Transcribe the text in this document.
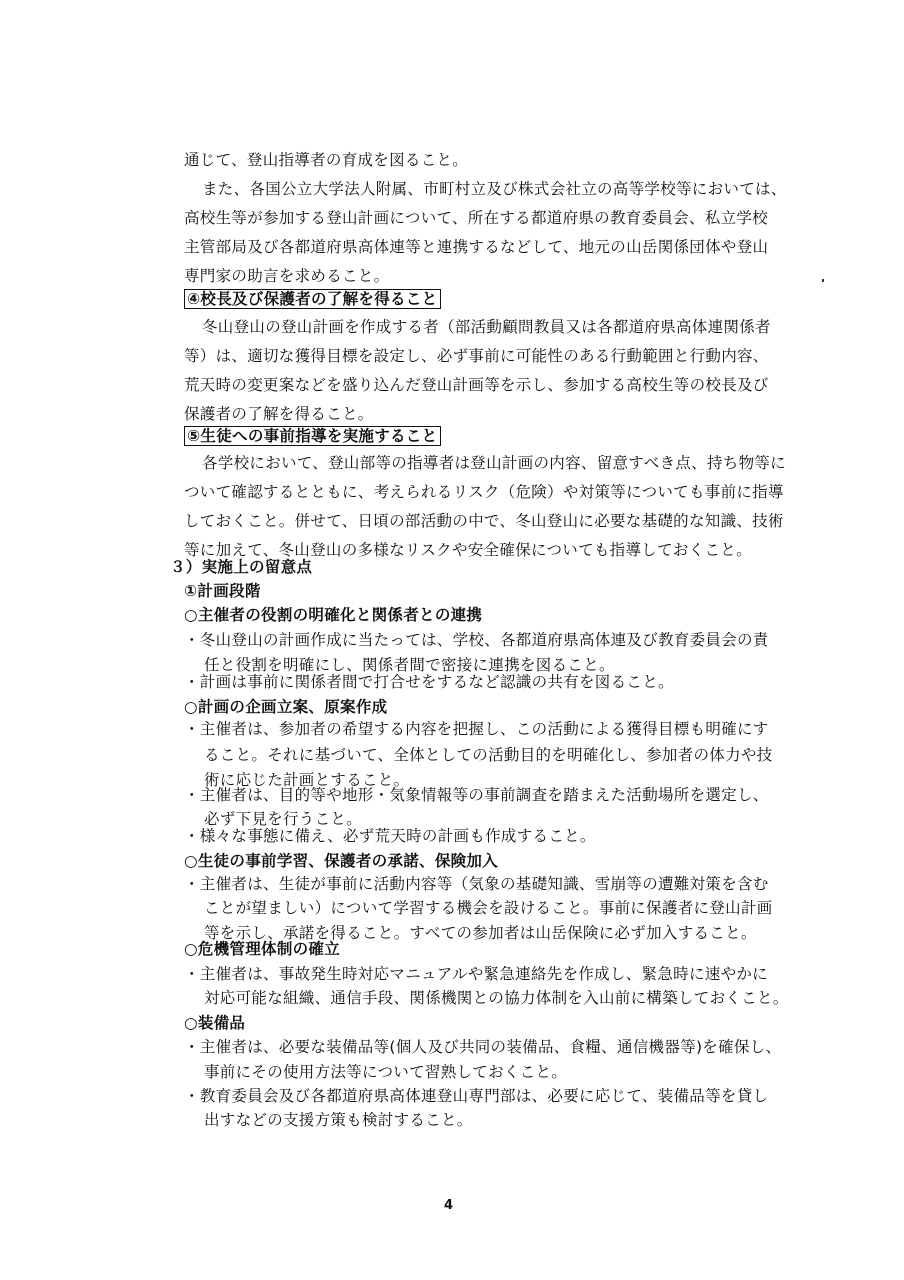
通じて、登山指導者の育成を図ること。
また、各国公立大学法人附属、市町村立及び株式会社立の高等学校等においては、
高校生等が参加する登山計画について、所在する都道府県の教育委員会、私立学校
主管部局及び各都道府県高体連等と連携するなどして、地元の山岳関係団体や登山
専門家の助言を求めること。
④校長及び保護者の了解を得ること
冬山登山の登山計画を作成する者（部活動顧問教員又は各都道府県高体連関係者
等）は、適切な獲得目標を設定し、必ず事前に可能性のある行動範囲と行動内容、
荒天時の変更案などを盛り込んだ登山計画等を示し、参加する高校生等の校長及び
保護者の了解を得ること。
⑤生徒への事前指導を実施すること
各学校において、登山部等の指導者は登山計画の内容、留意すべき点、持ち物等に
ついて確認するとともに、考えられるリスク（危険）や対策等についても事前に指導
しておくこと。併せて、日頃の部活動の中で、冬山登山に必要な基礎的な知識、技術
等に加えて、冬山登山の多様なリスクや安全確保についても指導しておくこと。
３）実施上の留意点
①計画段階
○主催者の役割の明確化と関係者との連携
・冬山登山の計画作成に当たっては、学校、各都道府県高体連及び教育委員会の責
任と役割を明確にし、関係者間で密接に連携を図ること。
・計画は事前に関係者間で打合せをするなど認識の共有を図ること。
○計画の企画立案、原案作成
・主催者は、参加者の希望する内容を把握し、この活動による獲得目標も明確にす
ること。それに基づいて、全体としての活動目的を明確化し、参加者の体力や技
術に応じた計画とすること。
・主催者は、目的等や地形・気象情報等の事前調査を踏まえた活動場所を選定し、
必ず下見を行うこと。
・様々な事態に備え、必ず荒天時の計画も作成すること。
○生徒の事前学習、保護者の承諾、保険加入
・主催者は、生徒が事前に活動内容等（気象の基礎知識、雪崩等の遭難対策を含む
ことが望ましい）について学習する機会を設けること。事前に保護者に登山計画
等を示し、承諾を得ること。すべての参加者は山岳保険に必ず加入すること。
○危機管理体制の確立
・主催者は、事故発生時対応マニュアルや緊急連絡先を作成し、緊急時に速やかに
対応可能な組織、通信手段、関係機関との協力体制を入山前に構築しておくこと。
○装備品
・主催者は、必要な装備品等(個人及び共同の装備品、食糧、通信機器等)を確保し、
事前にその使用方法等について習熟しておくこと。
・教育委員会及び各都道府県高体連登山専門部は、必要に応じて、装備品等を貸し
出すなどの支援方策も検討すること。
4
